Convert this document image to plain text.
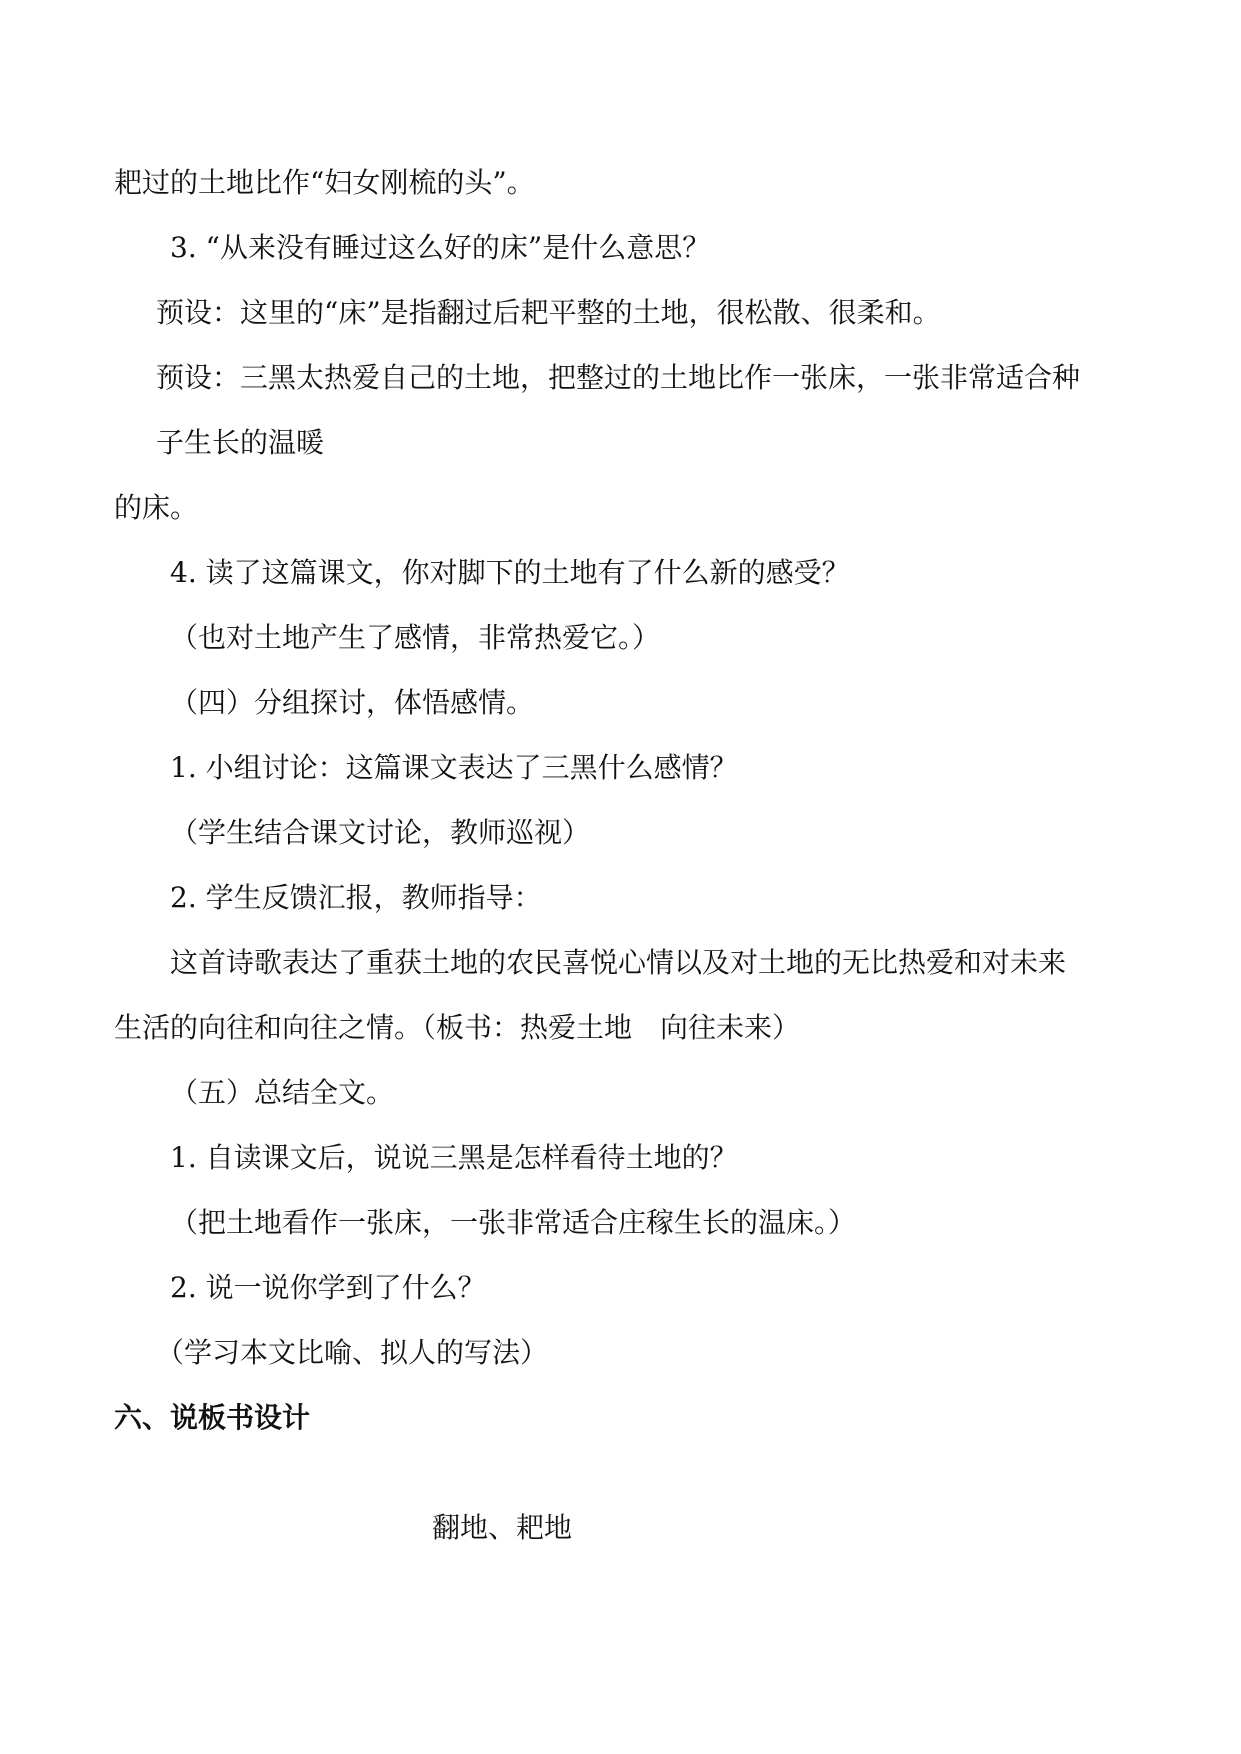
耙过的土地比作“妇女刚梳的头”。
3. “从来没有睡过这么好的床”是什么意思？
预设：这里的“床”是指翻过后耙平整的土地，很松散、很柔和。
预设：三黑太热爱自己的土地，把整过的土地比作一张床，一张非常适合种
子生长的温暖
的床。
4. 读了这篇课文，你对脚下的土地有了什么新的感受？
（也对土地产生了感情，非常热爱它。）
（四）分组探讨，体悟感情。
1. 小组讨论：这篇课文表达了三黑什么感情？
（学生结合课文讨论，教师巡视）
2. 学生反馈汇报，教师指导：
这首诗歌表达了重获土地的农民喜悦心情以及对土地的无比热爱和对未来
生活的向往和向往之情。（板书：热爱土地　向往未来）
（五）总结全文。
1. 自读课文后，说说三黑是怎样看待土地的？
（把土地看作一张床，一张非常适合庄稼生长的温床。）
2. 说一说你学到了什么？
（学习本文比喻、拟人的写法）
六、说板书设计
翻地、耙地
